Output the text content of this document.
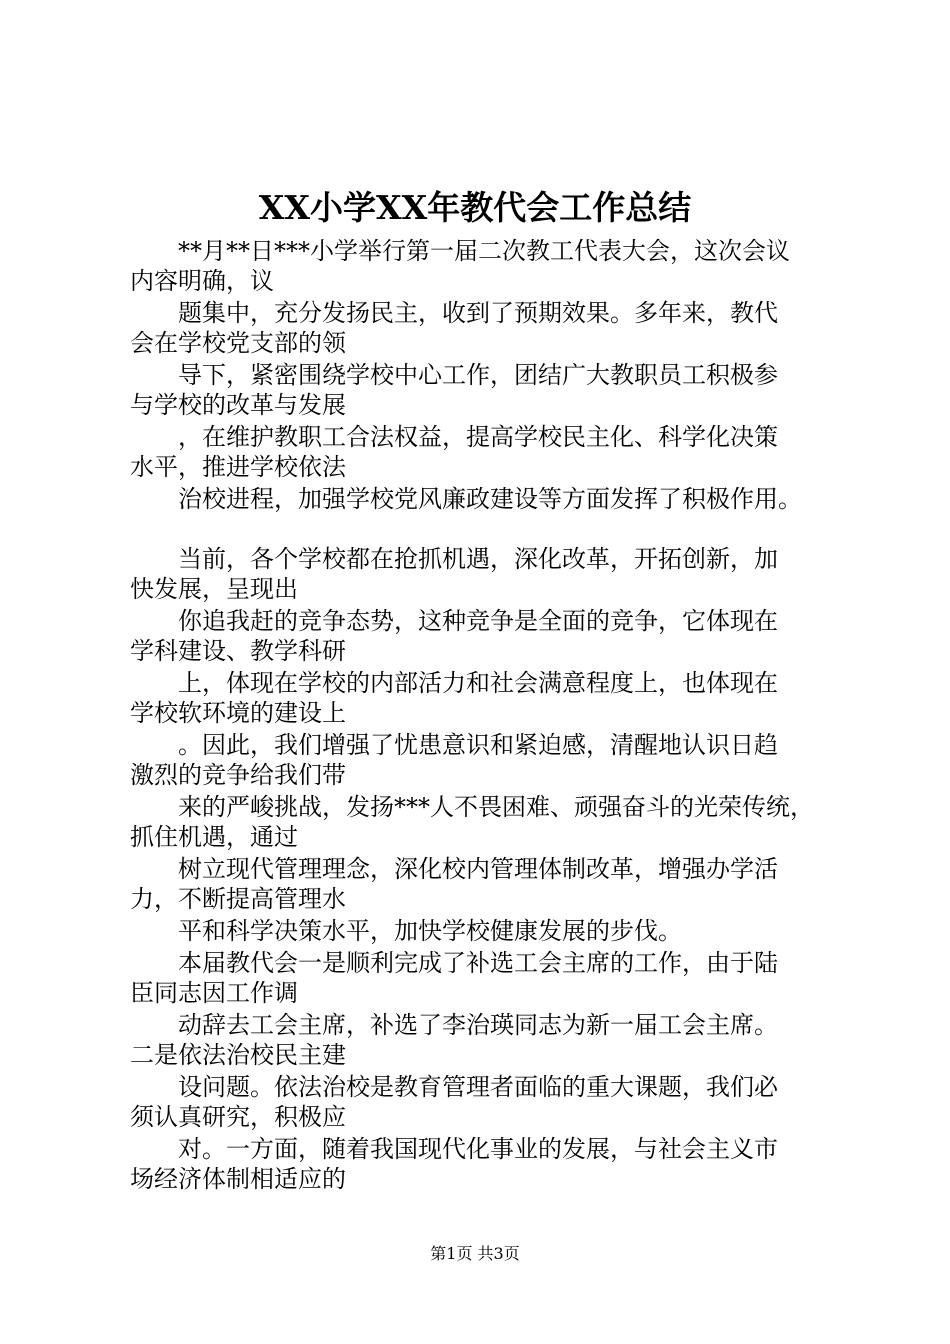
XX小学XX年教代会工作总结

**月**日***小学举行第一届二次教工代表大会，这次会议
内容明确，议

题集中，充分发扬民主，收到了预期效果。多年来，教代
会在学校党支部的领

导下，紧密围绕学校中心工作，团结广大教职员工积极参
与学校的改革与发展

，在维护教职工合法权益，提高学校民主化、科学化决策
水平，推进学校依法

治校进程，加强学校党风廉政建设等方面发挥了积极作用。

当前，各个学校都在抢抓机遇，深化改革，开拓创新，加
快发展，呈现出

你追我赶的竞争态势，这种竞争是全面的竞争，它体现在
学科建设、教学科研

上，体现在学校的内部活力和社会满意程度上，也体现在
学校软环境的建设上

。因此，我们增强了忧患意识和紧迫感，清醒地认识日趋
激烈的竞争给我们带

来的严峻挑战，发扬***人不畏困难、顽强奋斗的光荣传统，
抓住机遇，通过

树立现代管理理念，深化校内管理体制改革，增强办学活
力，不断提高管理水

平和科学决策水平，加快学校健康发展的步伐。

本届教代会一是顺利完成了补选工会主席的工作，由于陆
臣同志因工作调

动辞去工会主席，补选了李治瑛同志为新一届工会主席。
二是依法治校民主建

设问题。依法治校是教育管理者面临的重大课题，我们必
须认真研究，积极应

对。一方面，随着我国现代化事业的发展，与社会主义市
场经济体制相适应的

第1页 共3页
